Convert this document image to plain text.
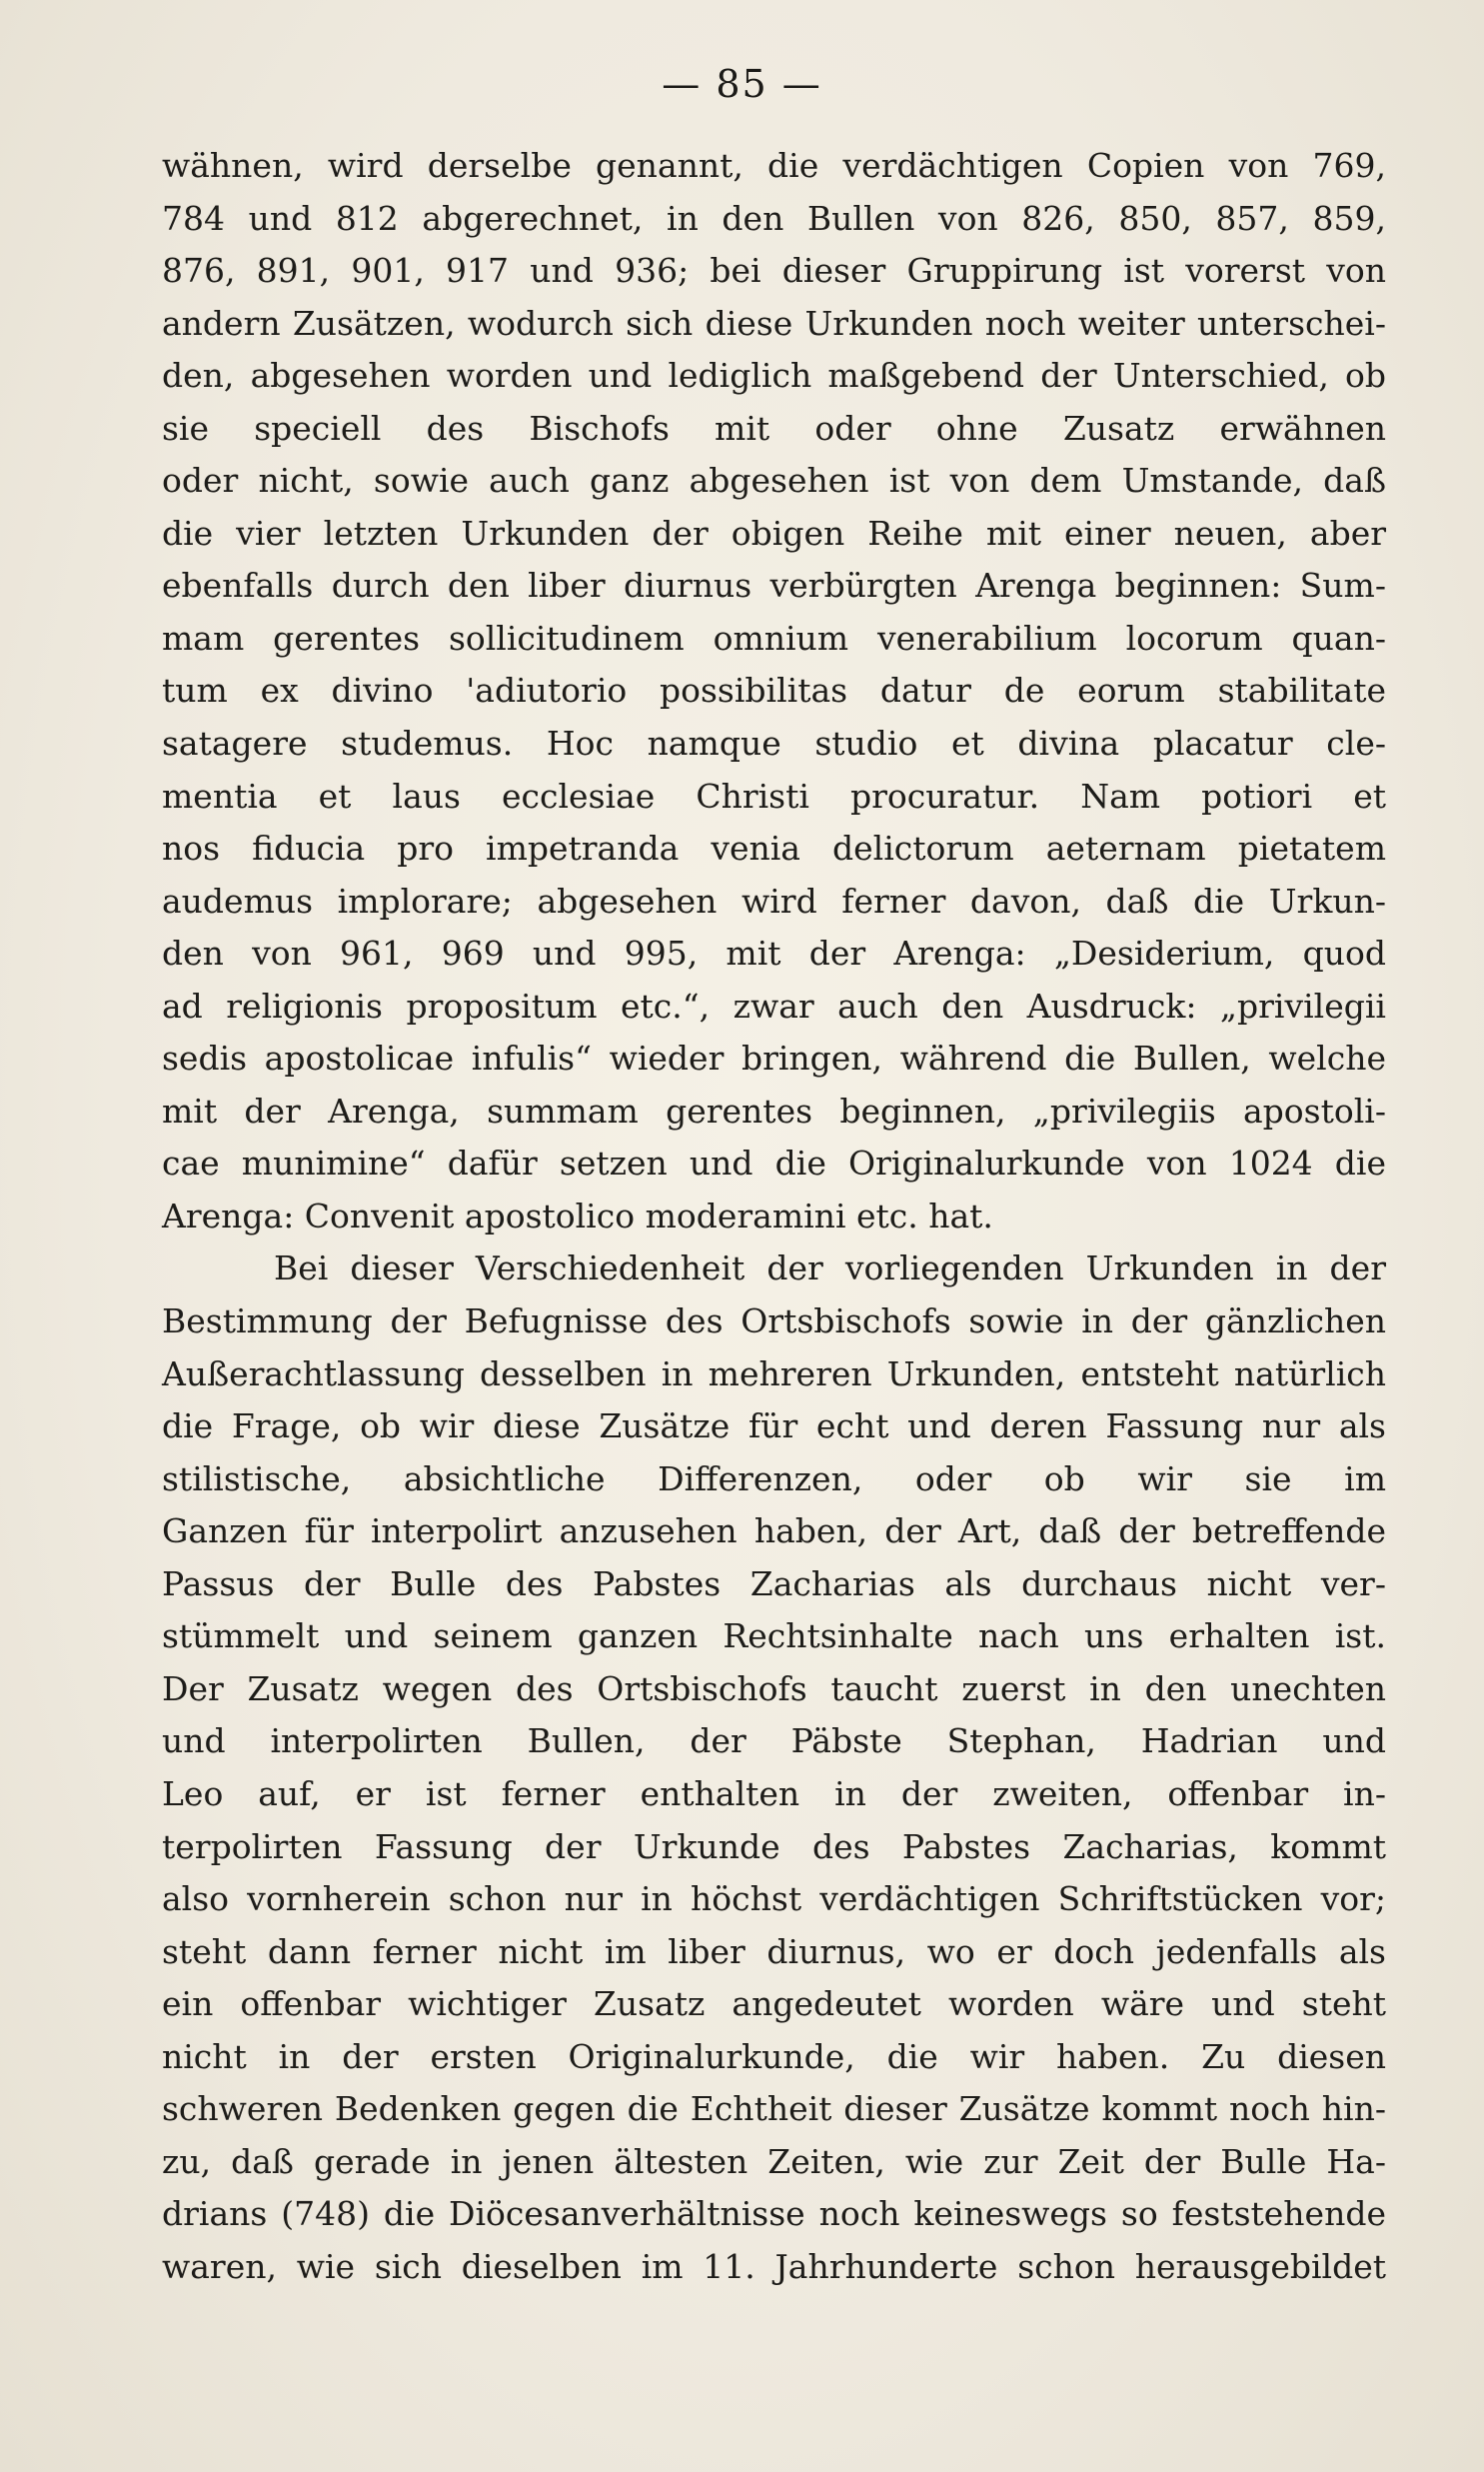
— 85 —
wähnen, wird derselbe genannt, die verdächtigen Copien von 769,
784 und 812 abgerechnet, in den Bullen von 826, 850, 857, 859,
876, 891, 901, 917 und 936; bei dieser Gruppirung ist vorerst von
andern Zusätzen, wodurch sich diese Urkunden noch weiter unterschei-
den, abgesehen worden und lediglich maßgebend der Unterschied, ob
sie speciell des Bischofs mit oder ohne Zusatz erwähnen
oder nicht, sowie auch ganz abgesehen ist von dem Umstande, daß
die vier letzten Urkunden der obigen Reihe mit einer neuen, aber
ebenfalls durch den liber diurnus verbürgten Arenga beginnen: Sum-
mam gerentes sollicitudinem omnium venerabilium locorum quan-
tum ex divino 'adiutorio possibilitas datur de eorum stabilitate
satagere studemus. Hoc namque studio et divina placatur cle-
mentia et laus ecclesiae Christi procuratur. Nam potiori et
nos fiducia pro impetranda venia delictorum aeternam pietatem
audemus implorare; abgesehen wird ferner davon, daß die Urkun-
den von 961, 969 und 995, mit der Arenga: „Desiderium, quod
ad religionis propositum etc.“, zwar auch den Ausdruck: „privilegii
sedis apostolicae infulis“ wieder bringen, während die Bullen, welche
mit der Arenga, summam gerentes beginnen, „privilegiis apostoli-
cae munimine“ dafür setzen und die Originalurkunde von 1024 die
Arenga: Convenit apostolico moderamini etc. hat.
Bei dieser Verschiedenheit der vorliegenden Urkunden in der
Bestimmung der Befugnisse des Ortsbischofs sowie in der gänzlichen
Außerachtlassung desselben in mehreren Urkunden, entsteht natürlich
die Frage, ob wir diese Zusätze für echt und deren Fassung nur als
stilistische, absichtliche Differenzen, oder ob wir sie im
Ganzen für interpolirt anzusehen haben, der Art, daß der betreffende
Passus der Bulle des Pabstes Zacharias als durchaus nicht ver-
stümmelt und seinem ganzen Rechtsinhalte nach uns erhalten ist.
Der Zusatz wegen des Ortsbischofs taucht zuerst in den unechten
und interpolirten Bullen, der Päbste Stephan, Hadrian und
Leo auf, er ist ferner enthalten in der zweiten, offenbar in-
terpolirten Fassung der Urkunde des Pabstes Zacharias, kommt
also vornherein schon nur in höchst verdächtigen Schriftstücken vor;
steht dann ferner nicht im liber diurnus, wo er doch jedenfalls als
ein offenbar wichtiger Zusatz angedeutet worden wäre und steht
nicht in der ersten Originalurkunde, die wir haben. Zu diesen
schweren Bedenken gegen die Echtheit dieser Zusätze kommt noch hin-
zu, daß gerade in jenen ältesten Zeiten, wie zur Zeit der Bulle Ha-
drians (748) die Diöcesanverhältnisse noch keineswegs so feststehende
waren, wie sich dieselben im 11. Jahrhunderte schon herausgebildet
